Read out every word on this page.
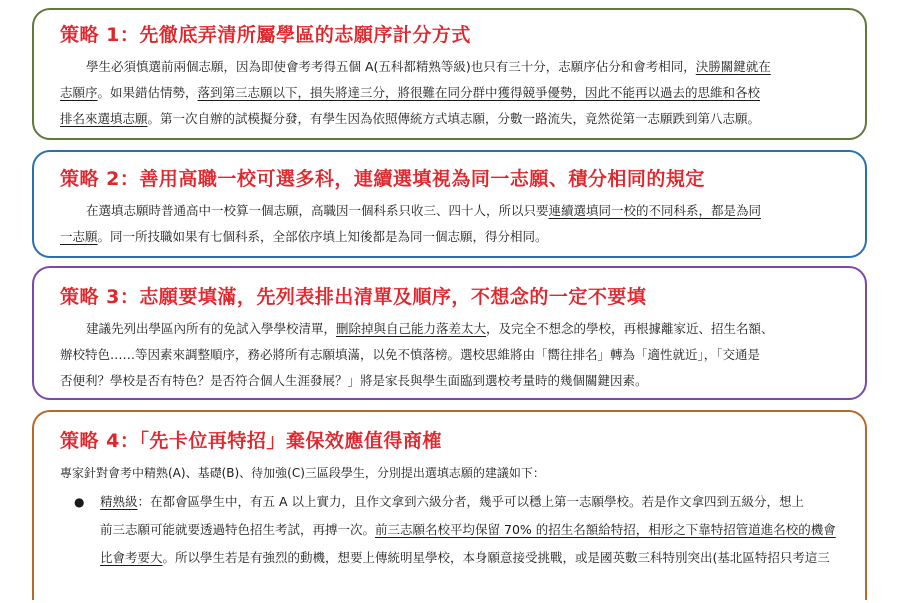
策略 1：先徹底弄清所屬學區的志願序計分方式
學生必須慎選前兩個志願，因為即使會考考得五個 A(五科都精熟等級)也只有三十分，志願序佔分和會考相同，決勝關鍵就在
志願序。如果錯估情勢，落到第三志願以下，損失將達三分，將很難在同分群中獲得競爭優勢，因此不能再以過去的思維和各校
排名來選填志願。第一次自辦的試模擬分發，有學生因為依照傳統方式填志願，分數一路流失，竟然從第一志願跌到第八志願。
策略 2：善用高職一校可選多科，連續選填視為同一志願、積分相同的規定
在選填志願時普通高中一校算一個志願，高職因一個科系只收三、四十人，所以只要連續選填同一校的不同科系，都是為同
一志願。同一所技職如果有七個科系，全部依序填上知後都是為同一個志願，得分相同。
策略 3：志願要填滿，先列表排出清單及順序，不想念的一定不要填
建議先列出學區內所有的免試入學學校清單，刪除掉與自己能力落差太大，及完全不想念的學校，再根據離家近、招生名額、
辦校特色……等因素來調整順序，務必將所有志願填滿，以免不慎落榜。選校思維將由「嚮往排名」轉為「適性就近」，「交通是
否便利？學校是否有特色？是否符合個人生涯發展？」將是家長與學生面臨到選校考量時的幾個關鍵因素。
策略 4：「先卡位再特招」棄保效應值得商榷

專家針對會考中精熟(A)、基礎(B)、待加強(C)三區段學生，分別提出選填志願的建議如下：

● 精熟級：在都會區學生中，有五 A 以上實力，且作文拿到六級分者，幾乎可以穩上第一志願學校。若是作文拿四到五級分，想上
前三志願可能就要透過特色招生考試，再搏一次。前三志願名校平均保留 70% 的招生名額給特招，相形之下靠特招管道進名校的機會
比會考要大。所以學生若是有強烈的動機，想要上傳統明星學校，本身願意接受挑戰，或是國英數三科特別突出(基北區特招只考這三
